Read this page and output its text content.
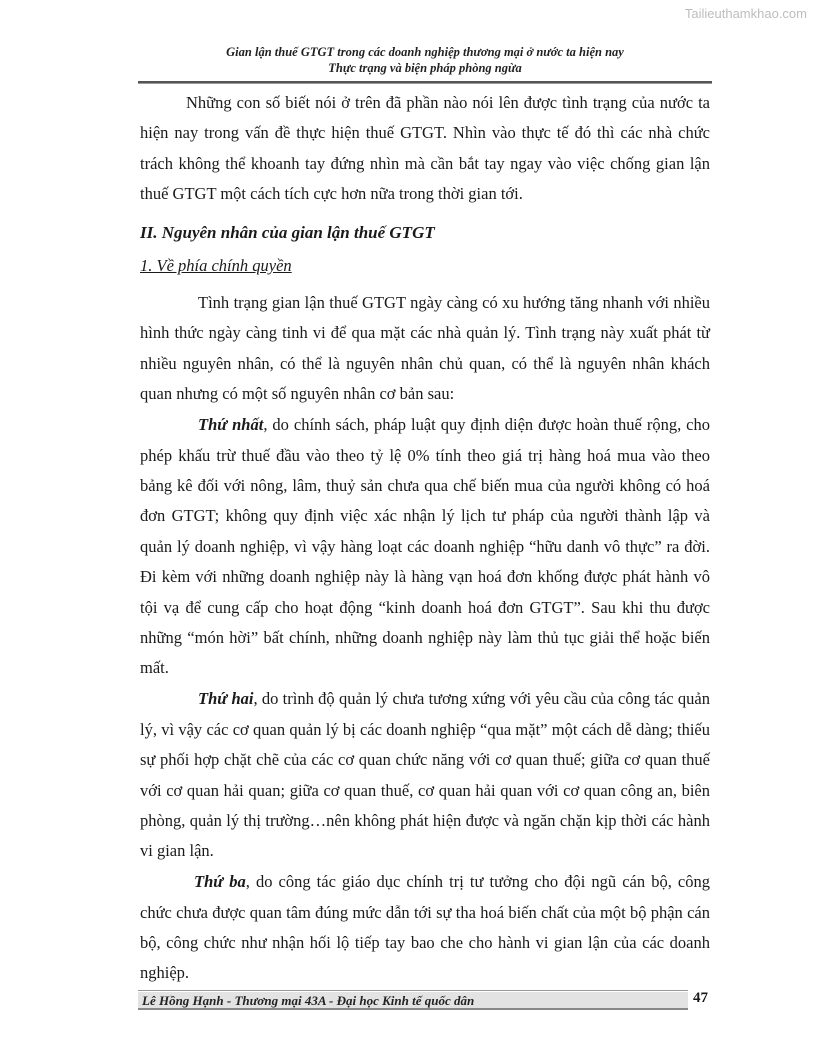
Tailieuthamkhao.com
Gian lận thuế GTGT trong các doanh nghiệp thương mại ở nước ta hiện nay
Thực trạng và biện pháp phòng ngừa

Những con số biết nói ở trên đã phần nào nói lên được tình trạng của nước ta hiện nay trong vấn đề thực hiện thuế GTGT. Nhìn vào thực tế đó thì các nhà chức trách không thể khoanh tay đứng nhìn mà cần bắt tay ngay vào việc chống gian lận thuế GTGT một cách tích cực hơn nữa trong thời gian tới.

II. Nguyên nhân của gian lận thuế GTGT
1. Về phía chính quyền

Tình trạng gian lận thuế GTGT ngày càng có xu hướng tăng nhanh với nhiều hình thức ngày càng tinh vi để qua mặt các nhà quản lý. Tình trạng này xuất phát từ nhiều nguyên nhân, có thể là nguyên nhân chủ quan, có thể là nguyên nhân khách quan nhưng có một số nguyên nhân cơ bản sau:

Thứ nhất, do chính sách, pháp luật quy định diện được hoàn thuế rộng, cho phép khấu trừ thuế đầu vào theo tỷ lệ 0% tính theo giá trị hàng hoá mua vào theo bảng kê đối với nông, lâm, thuỷ sản chưa qua chế biến mua của người không có hoá đơn GTGT; không quy định việc xác nhận lý lịch tư pháp của người thành lập và quản lý doanh nghiệp, vì vậy hàng loạt các doanh nghiệp “hữu danh vô thực” ra đời. Đi kèm với những doanh nghiệp này là hàng vạn hoá đơn khống được phát hành vô tội vạ để cung cấp cho hoạt động “kinh doanh hoá đơn GTGT”. Sau khi thu được những “món hời” bất chính, những doanh nghiệp này làm thủ tục giải thể hoặc biến mất.

Thứ hai, do trình độ quản lý chưa tương xứng với yêu cầu của công tác quản lý, vì vậy các cơ quan quản lý bị các doanh nghiệp “qua mặt” một cách dễ dàng; thiếu sự phối hợp chặt chẽ của các cơ quan chức năng với cơ quan thuế; giữa cơ quan thuế với cơ quan hải quan; giữa cơ quan thuế, cơ quan hải quan với cơ quan công an, biên phòng, quản lý thị trường…nên không phát hiện được và ngăn chặn kịp thời các hành vi gian lận.

Thứ ba, do công tác giáo dục chính trị tư tưởng cho đội ngũ cán bộ, công chức chưa được quan tâm đúng mức dẫn tới sự tha hoá biến chất của một bộ phận cán bộ, công chức như nhận hối lộ tiếp tay bao che cho hành vi gian lận của các doanh nghiệp.

Lê Hồng Hạnh - Thương mại 43A - Đại học Kinh tế quốc dân	47
